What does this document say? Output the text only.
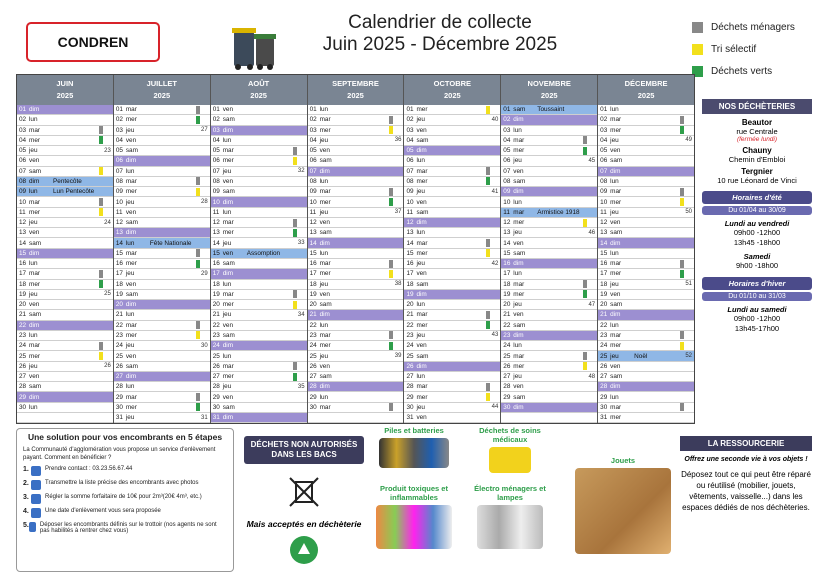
CONDREN
Calendrier de collecte
Juin 2025 - Décembre 2025
Déchets ménagers
Tri sélectif
Déchets verts
JUIN
2025
01 dim
02 lun
03 mar
04 mer
05 jeu	23
06 ven
07 sam
08 dim	Pentecôte
09 lun	Lun Pentecôte
10 mar
11 mer
12 jeu	24
13 ven
14 sam
15 dim
16 lun
17 mar
18 mer
19 jeu	25
20 ven
21 sam
22 dim
23 lun
24 mar
25 mer
26 jeu	26
27 ven
28 sam
29 dim
30 lun
JUILLET
2025
01 mar
02 mer
03 jeu	27
04 ven
05 sam
06 dim
07 lun
08 mar
09 mer
10 jeu	28
11 ven
12 sam
13 dim
14 lun	Fête Nationale
15 mar
16 mer
17 jeu	29
18 ven
19 sam
20 dim
21 lun
22 mar
23 mer
24 jeu	30
25 ven
26 sam
27 dim
28 lun
29 mar
30 mer
31 jeu	31
AOÛT
2025
01 ven
02 sam
03 dim
04 lun
05 mar
06 mer
07 jeu	32
08 ven
09 sam
10 dim
11 lun
12 mar
13 mer
14 jeu	33
15 ven	Assomption
16 sam
17 dim
18 lun
19 mar
20 mer
21 jeu	34
22 ven
23 sam
24 dim
25 lun
26 mar
27 mer
28 jeu	35
29 ven
30 sam
31 dim
SEPTEMBRE
2025
01 lun
02 mar
03 mer
04 jeu	36
05 ven
06 sam
07 dim
08 lun
09 mar
10 mer
11 jeu	37
12 ven
13 sam
14 dim
15 lun
16 mar
17 mer
18 jeu	38
19 ven
20 sam
21 dim
22 lun
23 mar
24 mer
25 jeu	39
26 ven
27 sam
28 dim
29 lun
30 mar
OCTOBRE
2025
01 mer
02 jeu	40
03 ven
04 sam
05 dim
06 lun
07 mar
08 mer
09 jeu	41
10 ven
11 sam
12 dim
13 lun
14 mar
15 mer
16 jeu	42
17 ven
18 sam
19 dim
20 lun
21 mar
22 mer
23 jeu	43
24 ven
25 sam
26 dim
27 lun
28 mar
29 mer
30 jeu	44
31 ven
NOVEMBRE
2025
01 sam	Toussaint
02 dim
03 lun
04 mar
05 mer
06 jeu	45
07 ven
08 sam
09 dim
10 lun
11 mar	Armistice 1918
12 mer
13 jeu	46
14 ven
15 sam
16 dim
17 lun
18 mar
19 mer
20 jeu	47
21 ven
22 sam
23 dim
24 lun
25 mar
26 mer
27 jeu	48
28 ven
29 sam
30 dim
DÉCEMBRE
2025
01 lun
02 mar
03 mer
04 jeu	49
05 ven
06 sam
07 dim
08 lun
09 mar
10 mer
11 jeu	50
12 ven
13 sam
14 dim
15 lun
16 mar
17 mer
18 jeu	51
19 ven
20 sam
21 dim
22 lun
23 mar
24 mer
25 jeu	Noël	52
26 ven
27 sam
28 dim
29 lun
30 mar
31 mer
NOS DÉCHÈTERIES
Beautor
rue Centrale
(fermée lundi)
Chauny
Chemin d'Embloi
Tergnier
10 rue Léonard de Vinci
Horaires d'été
Du 01/04 au 30/09
Lundi au vendredi
09h00 -12h00
13h45 -18h00
Samedi
9h00 -18h00
Horaires d'hiver
Du 01/10 au 31/03
Lundi au samedi
09h00 -12h00
13h45-17h00
Une solution pour vos encombrants en 5 étapes

La Communauté d'agglomération vous propose un service d'enlèvement payant. Comment en bénéficier ?

1.	Prendre contact : 03.23.56.67.44
2.	Transmettre la liste précise des encombrants avec photos
3.	Régler la somme forfaitaire de 10€ pour 2m³(20€ 4m³, etc.)
4.	Une date d'enlèvement vous sera proposée
5. Déposer les encombrants définis sur le trottoir (nos agents ne sont pas habilités à rentrer chez vous)
DÉCHETS NON AUTORISÉS DANS LES BACS
Mais acceptés en déchèterie
Piles et batteries	Déchets de soins médicaux
Produit toxiques et inflammables
Électro ménagers et lampes
Jouets
LA RESSOURCERIE
Offrez une seconde vie à vos objets !
Déposez tout ce qui peut être réparé ou réutilisé (mobilier, jouets, vêtements, vaisselle...) dans les espaces dédiés de nos déchèteries.
